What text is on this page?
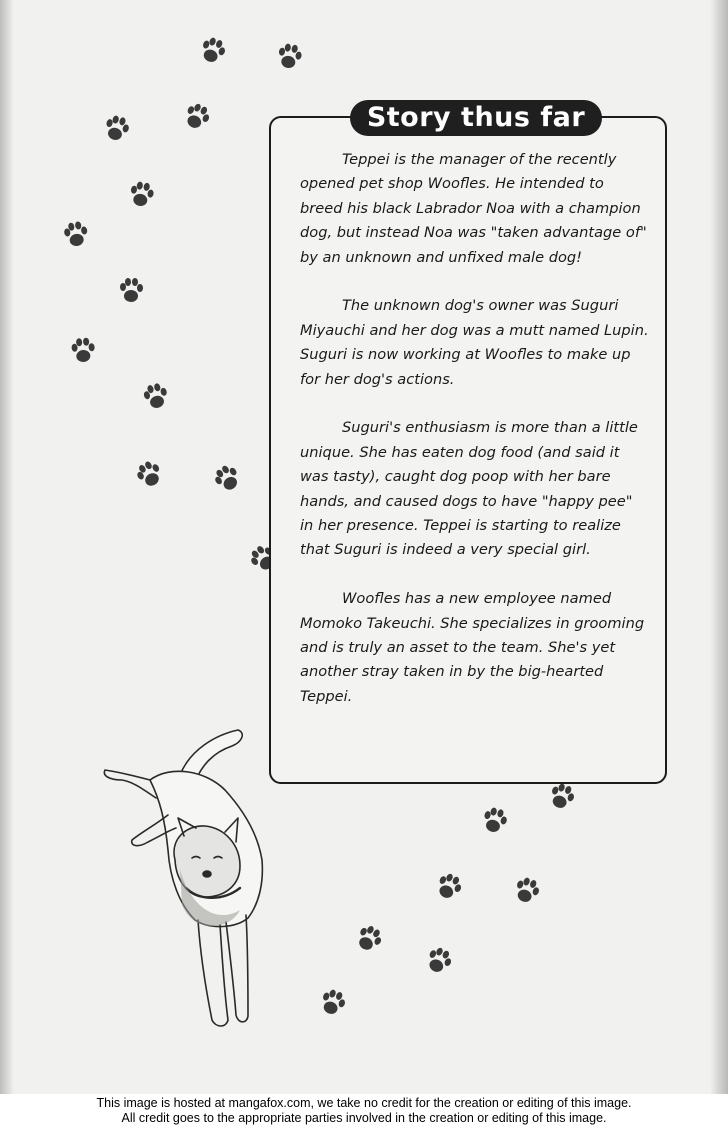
Story thus far

Teppei is the manager of the recently opened pet shop Woofles. He intended to breed his black Labrador Noa with a champion dog, but instead Noa was "taken advantage of" by an unknown and unfixed male dog!

The unknown dog's owner was Suguri Miyauchi and her dog was a mutt named Lupin. Suguri is now working at Woofles to make up for her dog's actions.

Suguri's enthusiasm is more than a little unique. She has eaten dog food (and said it was tasty), caught dog poop with her bare hands, and caused dogs to have "happy pee" in her presence. Teppei is starting to realize that Suguri is indeed a very special girl.

Woofles has a new employee named Momoko Takeuchi. She specializes in grooming and is truly an asset to the team. She's yet another stray taken in by the big-hearted Teppei.

This image is hosted at mangafox.com, we take no credit for the creation or editing of this image.
All credit goes to the appropriate parties involved in the creation or editing of this image.
